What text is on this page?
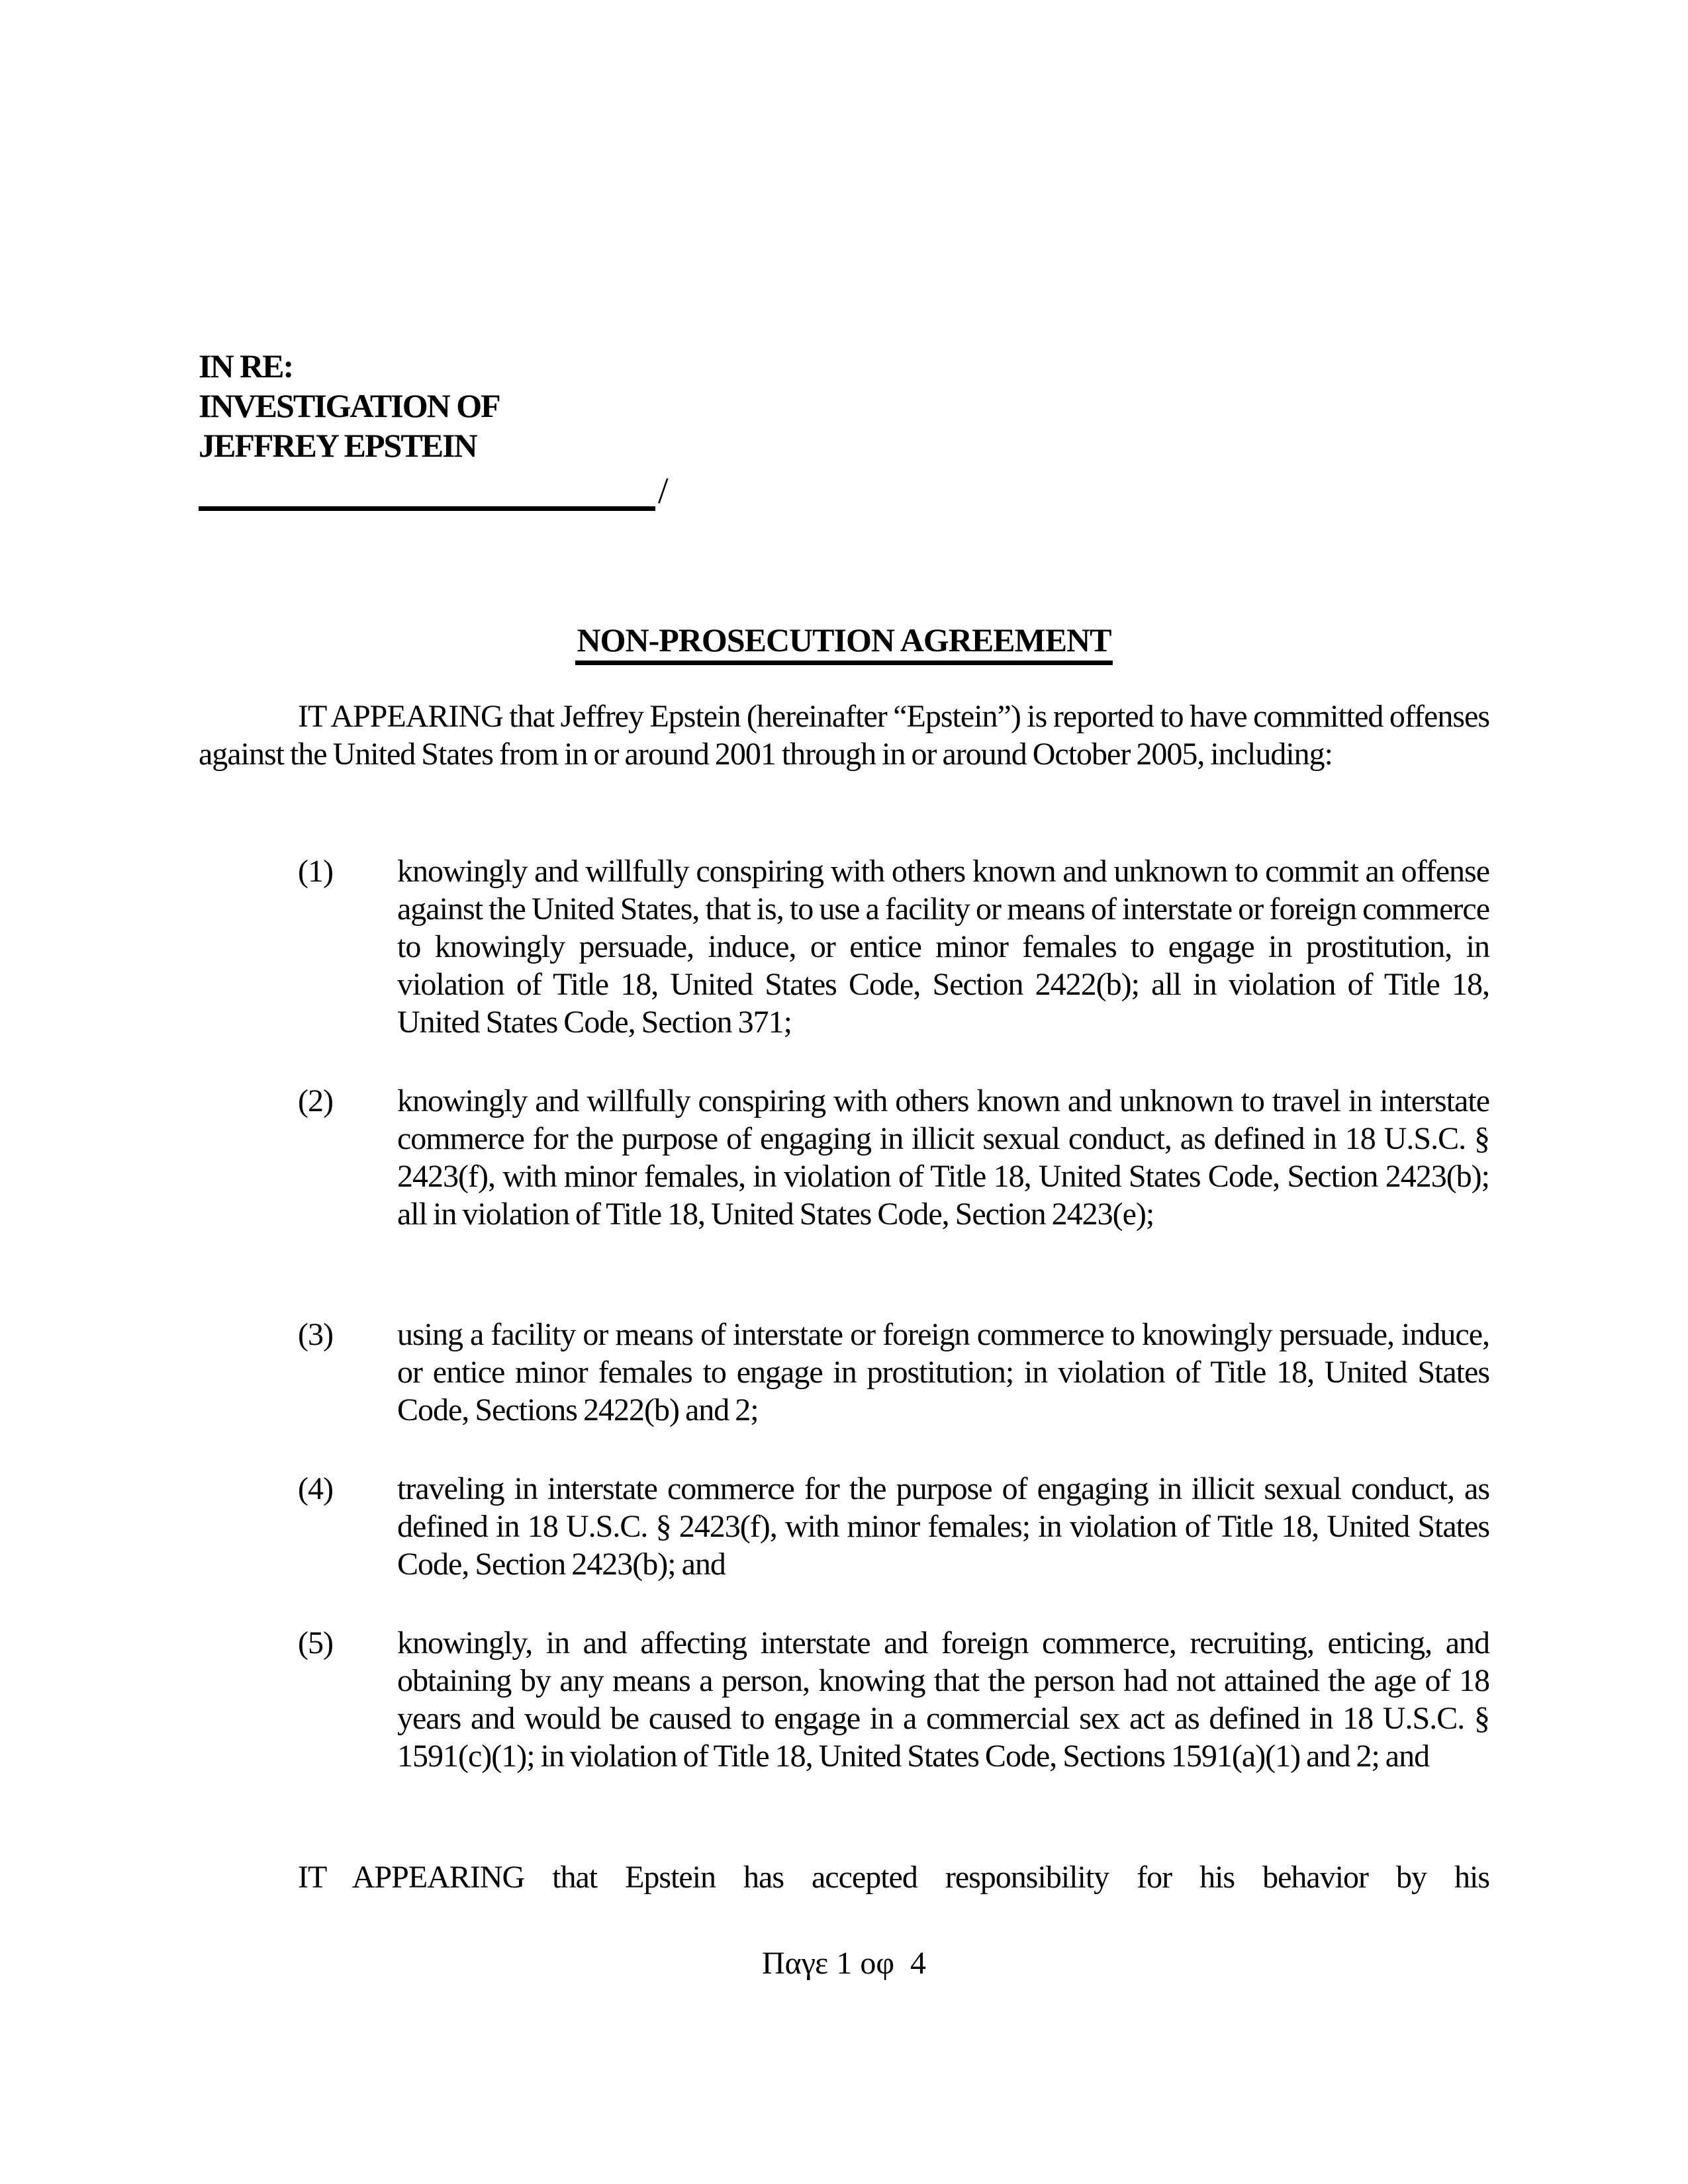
IN RE:
INVESTIGATION OF
JEFFREY EPSTEIN
/
NON-PROSECUTION AGREEMENT

IT APPEARING that Jeffrey Epstein (hereinafter “Epstein”) is reported to have committed offenses against the United States from in or around 2001 through in or around October 2005, including:

(1) knowingly and willfully conspiring with others known and unknown to commit an offense against the United States, that is, to use a facility or means of interstate or foreign commerce to knowingly persuade, induce, or entice minor females to engage in prostitution, in violation of Title 18, United States Code, Section 2422(b); all in violation of Title 18, United States Code, Section 371;
(2) knowingly and willfully conspiring with others known and unknown to travel in interstate commerce for the purpose of engaging in illicit sexual conduct, as defined in 18 U.S.C. § 2423(f), with minor females, in violation of Title 18, United States Code, Section 2423(b); all in violation of Title 18, United States Code, Section 2423(e);
(3) using a facility or means of interstate or foreign commerce to knowingly persuade, induce, or entice minor females to engage in prostitution; in violation of Title 18, United States Code, Sections 2422(b) and 2;
(4) traveling in interstate commerce for the purpose of engaging in illicit sexual conduct, as defined in 18 U.S.C. § 2423(f), with minor females; in violation of Title 18, United States Code, Section 2423(b); and
(5) knowingly, in and affecting interstate and foreign commerce, recruiting, enticing, and obtaining by any means a person, knowing that the person had not attained the age of 18 years and would be caused to engage in a commercial sex act as defined in 18 U.S.C. § 1591(c)(1); in violation of Title 18, United States Code, Sections 1591(a)(1) and 2; and

IT APPEARING that Epstein has accepted responsibility for his behavior by his

Παγε 1 οφ  4
